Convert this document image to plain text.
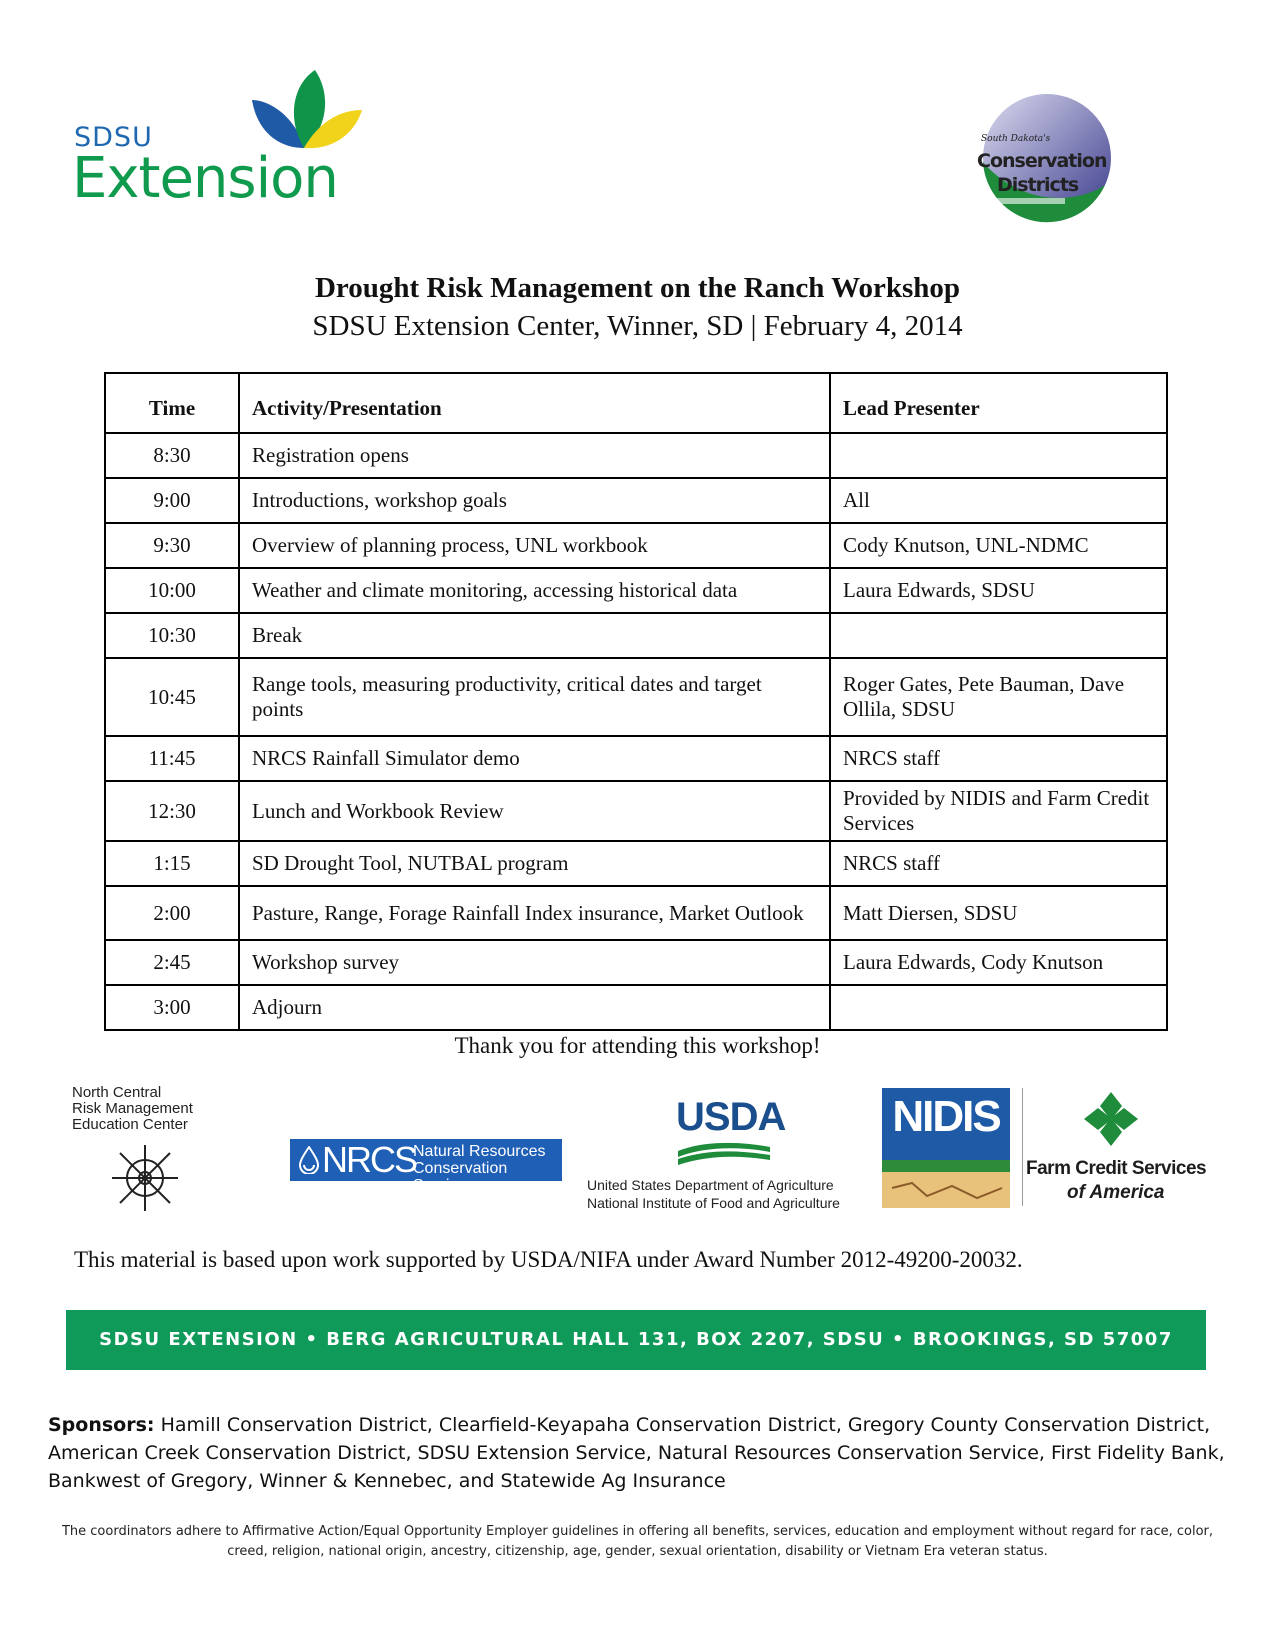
SDSU
Extension
South Dakota's
Conservation
Districts
Drought Risk Management on the Ranch Workshop
SDSU Extension Center, Winner, SD | February 4, 2014
Time	Activity/Presentation	Lead Presenter
8:30	Registration opens	
9:00	Introductions, workshop goals	All
9:30	Overview of planning process, UNL workbook	Cody Knutson, UNL-NDMC
10:00	Weather and climate monitoring, accessing historical data	Laura Edwards, SDSU
10:30	Break	
10:45	Range tools, measuring productivity, critical dates and target points	Roger Gates, Pete Bauman, Dave Ollila, SDSU
11:45	NRCS Rainfall Simulator demo	NRCS staff
12:30	Lunch and Workbook Review	Provided by NIDIS and Farm Credit Services
1:15	SD Drought Tool, NUTBAL program	NRCS staff
2:00	Pasture, Range, Forage Rainfall Index insurance, Market Outlook	Matt Diersen, SDSU
2:45	Workshop survey	Laura Edwards, Cody Knutson
3:00	Adjourn	
Thank you for attending this workshop!
North Central
Risk Management
Education Center
NRCS
Natural Resources
Conservation Service
USDA
United States Department of Agriculture
National Institute of Food and Agriculture
NIDIS
Farm Credit Services
of America
This material is based upon work supported by USDA/NIFA under Award Number 2012-49200-20032.
SDSU EXTENSION • BERG AGRICULTURAL HALL 131, BOX 2207, SDSU • BROOKINGS, SD 57007
Sponsors: Hamill Conservation District, Clearfield-Keyapaha Conservation District, Gregory County Conservation District, American Creek Conservation District, SDSU Extension Service, Natural Resources Conservation Service, First Fidelity Bank, Bankwest of Gregory, Winner & Kennebec, and Statewide Ag Insurance
The coordinators adhere to Affirmative Action/Equal Opportunity Employer guidelines in offering all benefits, services, education and employment without regard for race, color, creed, religion, national origin, ancestry, citizenship, age, gender, sexual orientation, disability or Vietnam Era veteran status.
